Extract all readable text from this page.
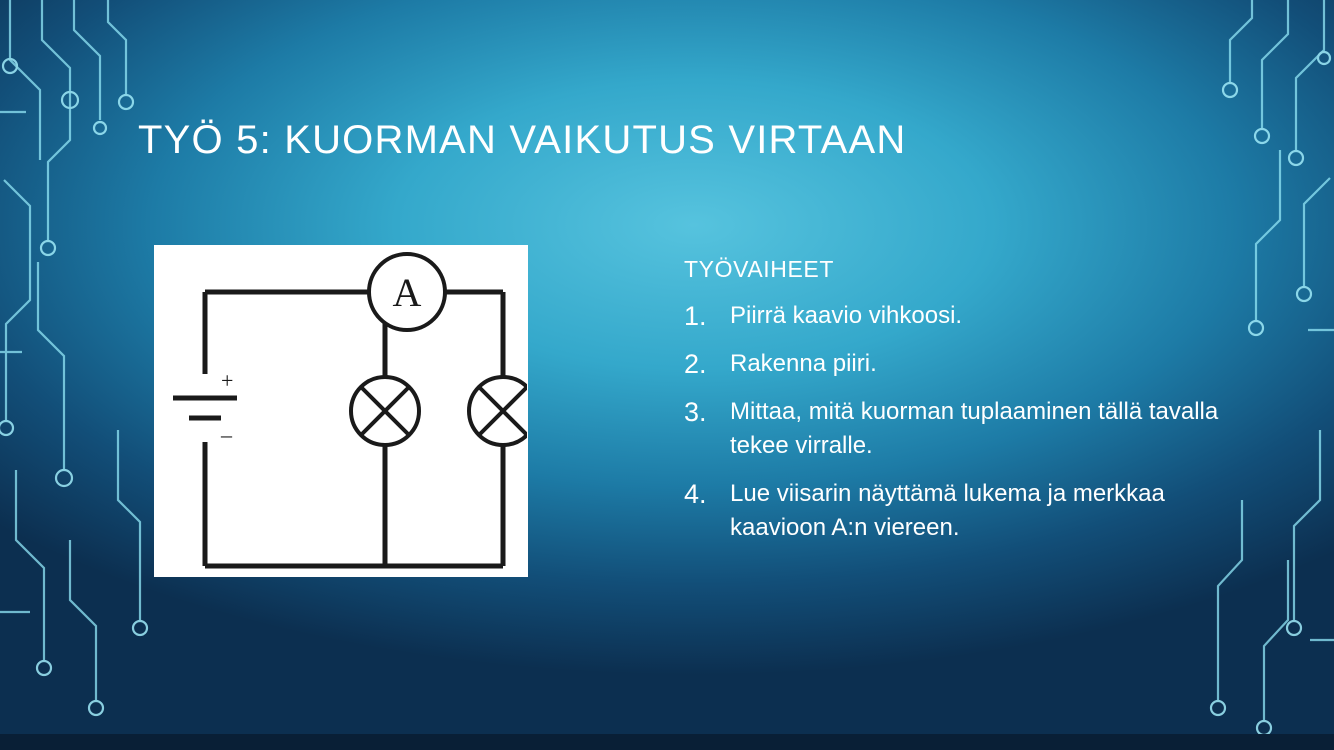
TYÖ 5: KUORMAN VAIKUTUS VIRTAAN
+
–
A
TYÖVAIHEET
1. Piirrä kaavio vihkoosi.
2. Rakenna piiri.
3. Mittaa, mitä kuorman tuplaaminen tällä tavalla tekee virralle.
4. Lue viisarin näyttämä lukema ja merkkaa kaavioon A:n viereen.
